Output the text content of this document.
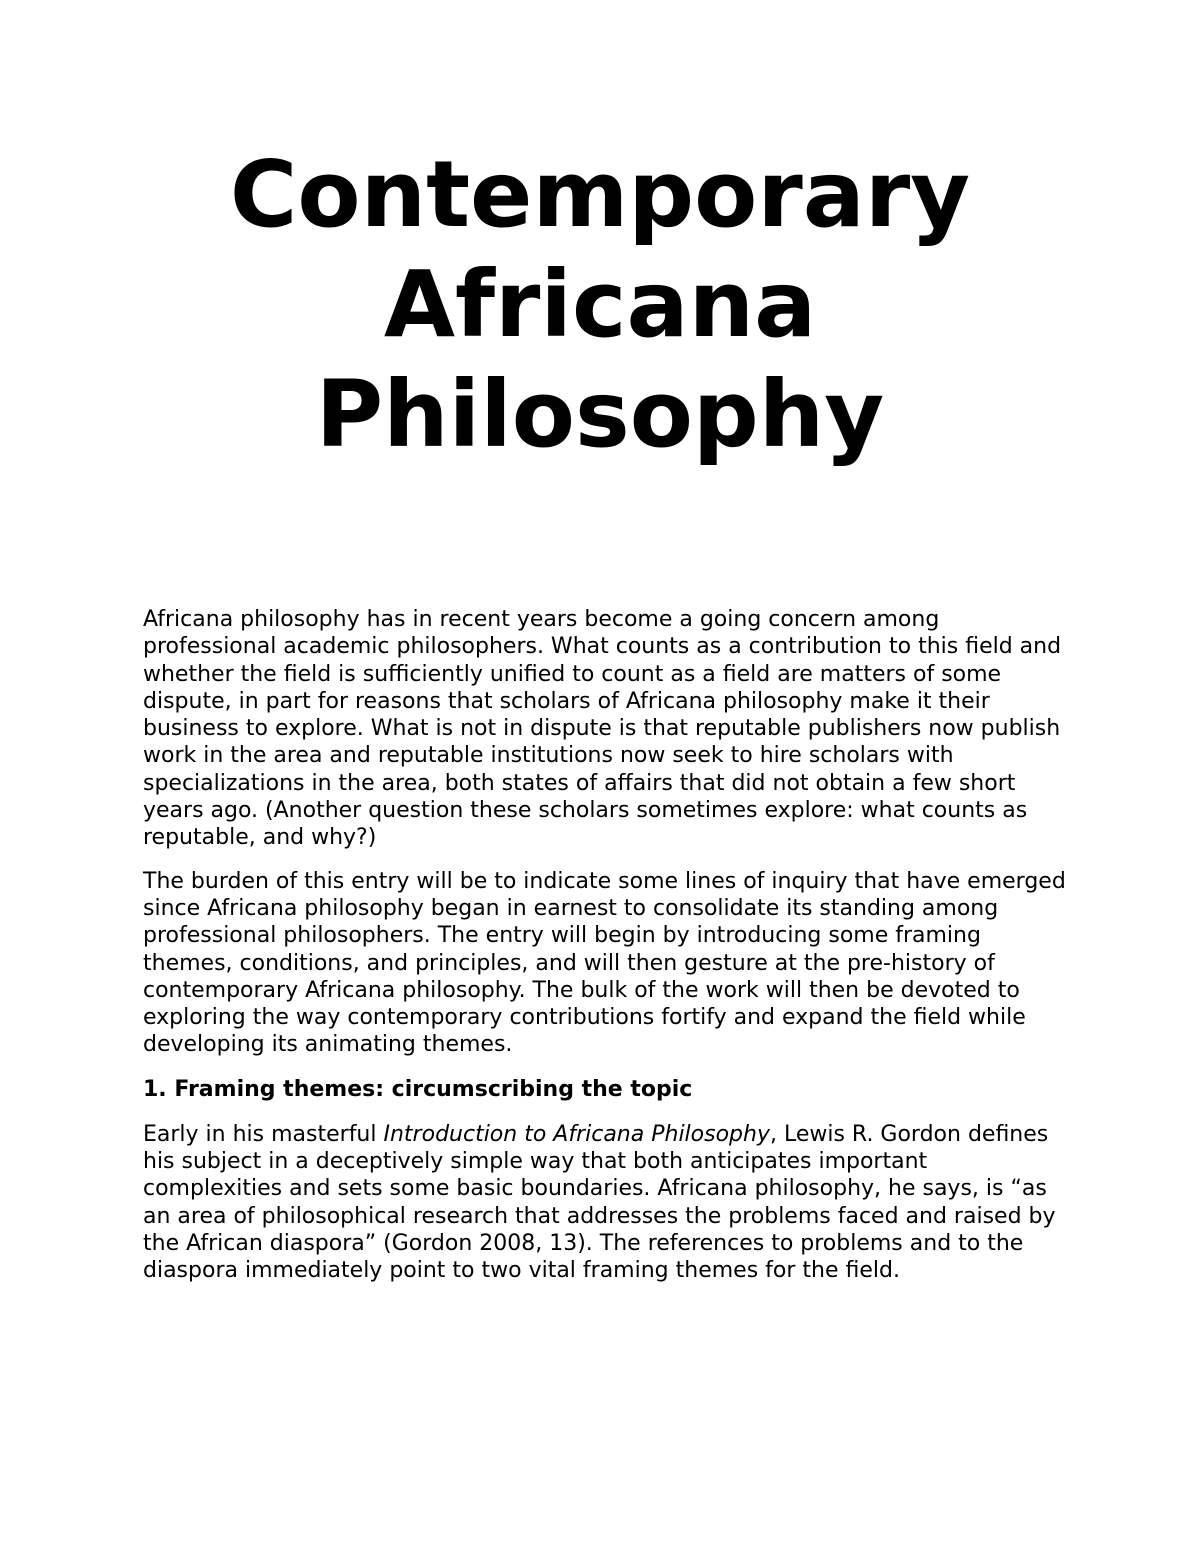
Contemporary
Africana
Philosophy

Africana philosophy has in recent years become a going concern among professional academic philosophers. What counts as a contribution to this field and whether the field is sufficiently unified to count as a field are matters of some dispute, in part for reasons that scholars of Africana philosophy make it their business to explore. What is not in dispute is that reputable publishers now publish work in the area and reputable institutions now seek to hire scholars with specializations in the area, both states of affairs that did not obtain a few short years ago. (Another question these scholars sometimes explore: what counts as reputable, and why?)

The burden of this entry will be to indicate some lines of inquiry that have emerged since Africana philosophy began in earnest to consolidate its standing among professional philosophers. The entry will begin by introducing some framing themes, conditions, and principles, and will then gesture at the pre-history of contemporary Africana philosophy. The bulk of the work will then be devoted to exploring the way contemporary contributions fortify and expand the field while developing its animating themes.

1. Framing themes: circumscribing the topic

Early in his masterful Introduction to Africana Philosophy, Lewis R. Gordon defines his subject in a deceptively simple way that both anticipates important complexities and sets some basic boundaries. Africana philosophy, he says, is “as an area of philosophical research that addresses the problems faced and raised by the African diaspora” (Gordon 2008, 13). The references to problems and to the diaspora immediately point to two vital framing themes for the field.
